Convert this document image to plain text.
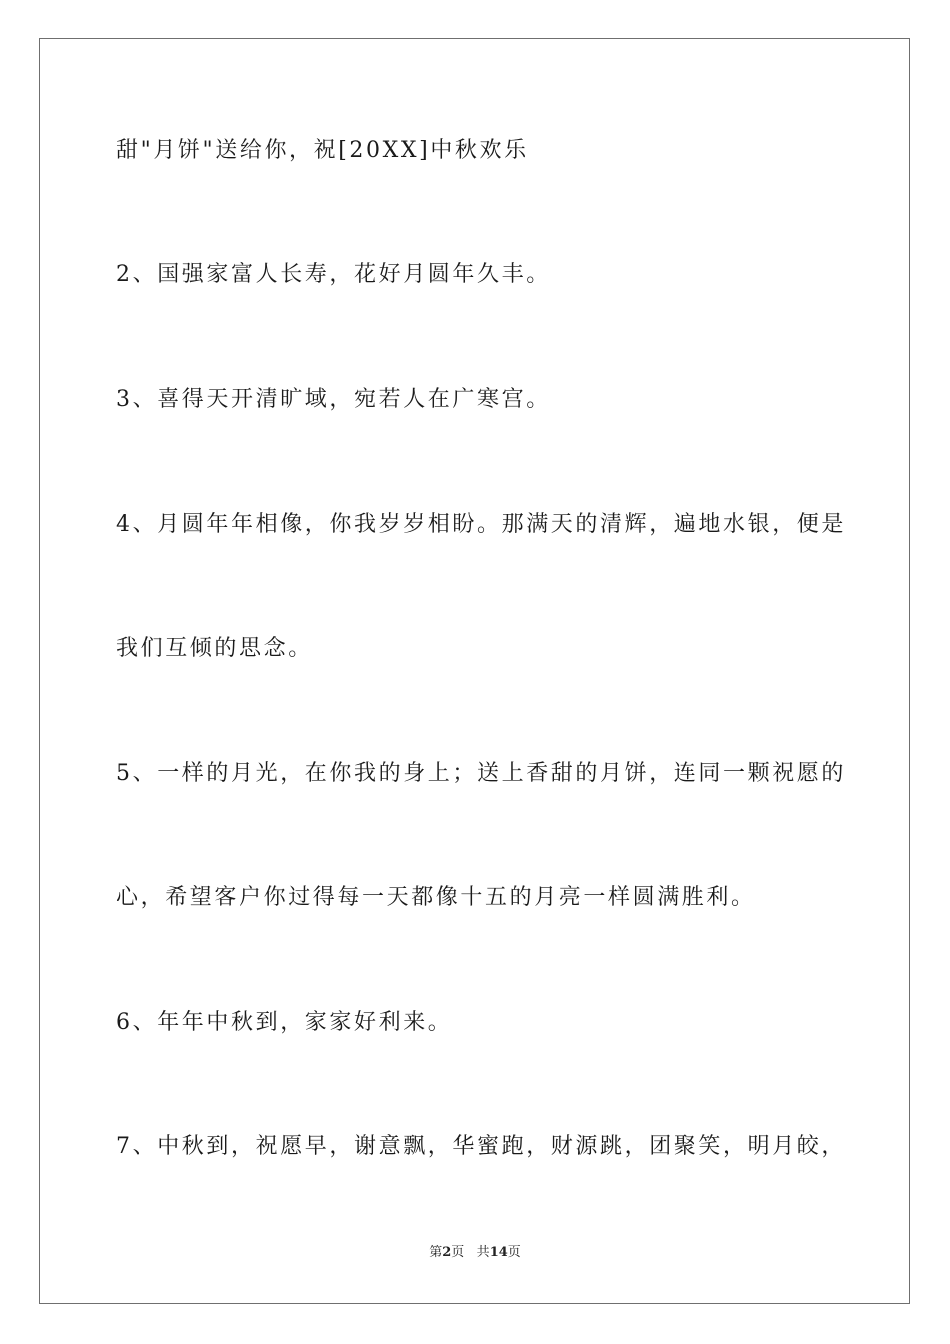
甜"月饼"送给你，祝[20XX]中秋欢乐

2、国强家富人长寿，花好月圆年久丰。

3、喜得天开清旷域，宛若人在广寒宫。

4、月圆年年相像，你我岁岁相盼。那满天的清辉，遍地水银，便是

我们互倾的思念。

5、一样的月光，在你我的身上；送上香甜的月饼，连同一颗祝愿的

心，希望客户你过得每一天都像十五的月亮一样圆满胜利。

6、年年中秋到，家家好利来。

7、中秋到，祝愿早，谢意飘，华蜜跑，财源跳，团聚笑，明月皎，

第2页 共14页
